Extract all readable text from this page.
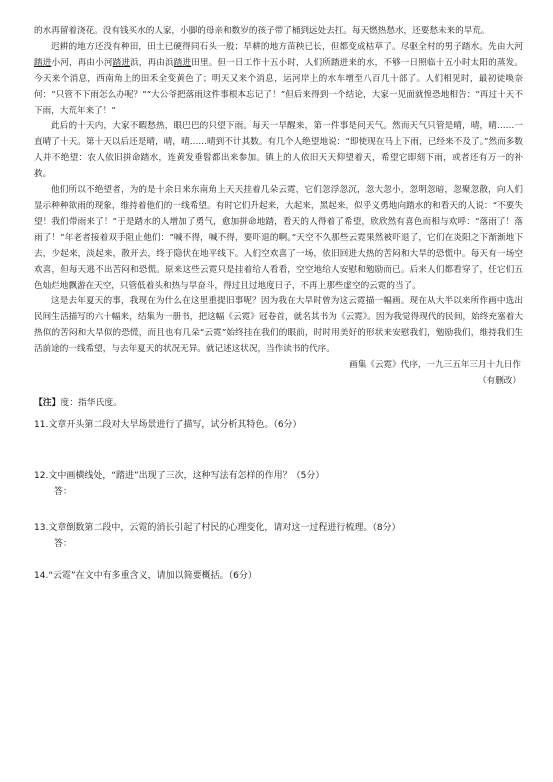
的水再留着浇花。没有钱买水的人家，小脚的母亲和数岁的孩子带了桶到远处去扛。每天燃热愁水，还要愁未来的旱荒。

迟耕的地方还没有种田，田土已硬得同石头一般；早耕的地方苗秧已长，但都变成枯草了。尽驱全村的男子踏水。先由大河踏进小河，再由小河踏进浜，再由浜踏进田里。但一日工作十五小时，人们所踏进来的水，不够一日照临十五小时太阳的蒸发。今天来个消息，西南角上的田禾全变黄色了；明天又来个消息，运河岸上的水车增至八百几十部了。人们相见时，最初徒唤奈何：“只管不下雨怎么办呢？”“大公爷把落雨这件事根本忘记了！”但后来得到一个结论，大家一见面就惶恐地相告：“再过十天不下雨，大荒年来了！”

此后的十天内，大家不暇愁热，眼巴巴的只望下雨。每天一早醒来，第一件事是问天气。然而天气只管是晴，晴，晴……一直晴了十天。第十天以后还是晴，晴，晴……晴到不计其数。有几个人绝望地说：“即使现在马上下雨，已经来不及了。”然而多数人并不绝望：农人依旧拼命踏水，连黄发垂髫都出来参加。镇上的人依旧天天仰望着天，希望它即刻下雨，或者还有万一的补救。

他们所以不绝望者，为的是十余日来东南角上天天挂着几朵云霓，它们忽浮忽沉，忽大忽小，忽明忽暗，忽聚忽散，向人们显示种种欲雨的现象，维持着他们的一线希望。有时它们升起来，大起来，黑起来，似乎义勇地向踏水的和看天的人说：“不要失望！我们带雨来了！”于是踏水的人增加了勇气，愈加拼命地踏，看天的人得着了希望，欣欣然有喜色而相与欢呼：“落雨了！落雨了！”年老者接着双手阻止他们：“喊不得，喊不得，要吓退的啊。”天空不久那些云霓果然被吓退了，它们在炎阳之下渐渐地下去，少起来，淡起来，散开去，终于隐伏在地平线下。人们空欢喜了一场，依旧回进大热的苦闷和大旱的恐慌中。每天有一场空欢喜，但每天逃不出苦闷和恐慌。原来这些云霓只是挂着给人看看，空空地给人安慰和勉励而已。后来人们都看穿了，任它们五色灿烂地飘游在天空，只管低着头和热与旱奋斗，得过且过地度日子，不再上那些虚空的云霓的当了。

这是去年夏天的事，我现在为什么在这里重提旧事呢？因为我在大旱时曾为这云霓描一幅画。现在从大半以来所作画中选出民间生活描写的六十幅来，结集为一册书，把这幅《云霓》冠卷首，就名其书为《云霓》。因为我觉得现代的民间，始终充塞着大热似的苦闷和大旱似的恐慌，而且也有几朵“云霓”始终挂在我们的眼前，时时用美好的形状来安慰我们，勉励我们，维持我们生活前途的一线希望，与去年夏天的状况无异。就记述这状况，当作读书的代序。

画集《云霓》代序，一九三五年三月十九日作

（有删改）

【注】度：指华氏度。

11.文章开头第二段对大旱场景进行了描写，试分析其特色。（6分）

12.文中画横线处，“踏进”出现了三次，这种写法有怎样的作用？（5分）

答：

13.文章倒数第二段中，云霓的消长引起了村民的心理变化，请对这一过程进行梳理。（8分）

答：

14.“云霓”在文中有多重含义，请加以简要概括。（6分）
